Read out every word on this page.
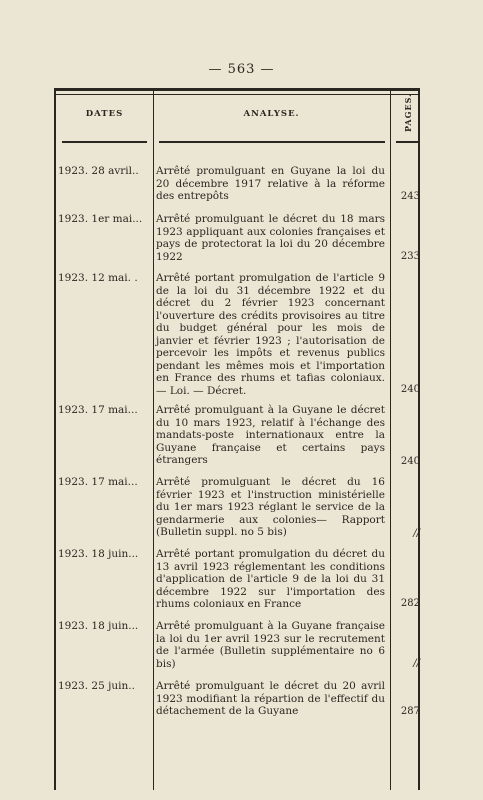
— 563 —
DATES	ANALYSE.	PAGES.
1923. 28 avril..	Arrêté promulguant en Guyane la loi du 20 décembre 1917 relative à la réforme des entrepôts	243
1923. 1er mai...	Arrêté promulguant le décret du 18 mars 1923 appliquant aux colonies françaises et pays de protectorat la loi du 20 décembre 1922	233
1923. 12 mai. .	Arrêté portant promulgation de l'article 9 de la loi du 31 décembre 1922 et du décret du 2 février 1923 concernant l'ouverture des crédits provisoires au titre du budget général pour les mois de janvier et février 1923 ; l'autorisation de percevoir les impôts et revenus publics pendant les mêmes mois et l'importation en France des rhums et tafias coloniaux. — Loi. — Décret.	240
1923. 17 mai...	Arrêté promulguant à la Guyane le décret du 10 mars 1923, relatif à l'échange des mandats-poste internationaux entre la Guyane française et certains pays étrangers	240
1923. 17 mai...	Arrêté promulguant le décret du 16 février 1923 et l'instruction ministérielle du 1er mars 1923 réglant le service de la gendarmerie aux colonies— Rapport (Bulletin suppl. no 5 bis)	//
1923. 18 juin...	Arrêté portant promulgation du décret du 13 avril 1923 réglementant les conditions d'application de l'article 9 de la loi du 31 décembre 1922 sur l'importation des rhums coloniaux en France	282
1923. 18 juin...	Arrêté promulguant à la Guyane française la loi du 1er avril 1923 sur le recrutement de l'armée (Bulletin supplémentaire no 6 bis)	//
1923. 25 juin..	Arrêté promulguant le décret du 20 avril 1923 modifiant la répartion de l'effectif du détachement de la Guyane	287
